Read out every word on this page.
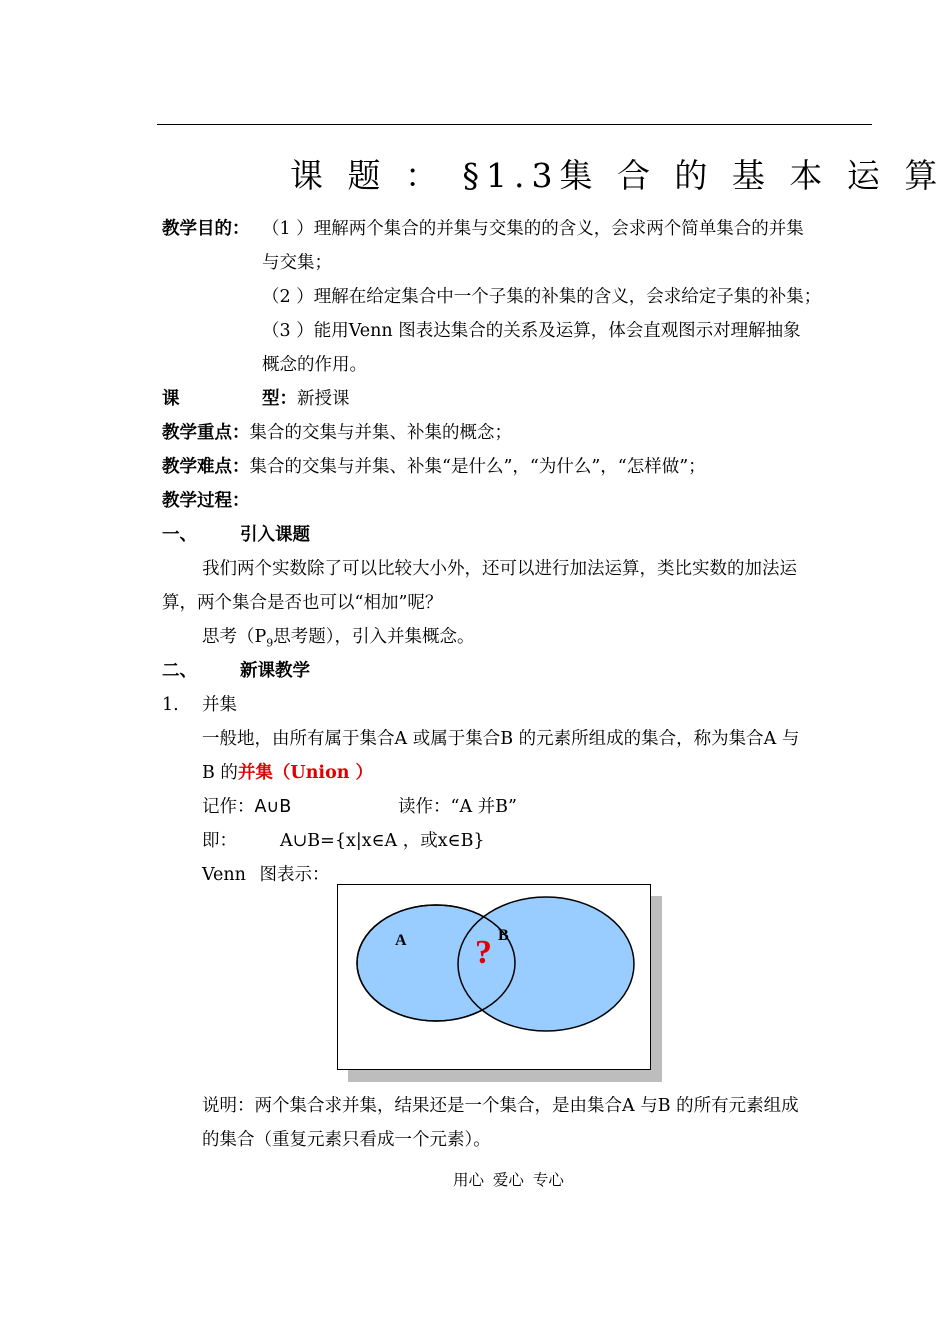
课 题 ： §1.3集 合 的 基 本 运 算
教学目的： （1 ）理解两个集合的并集与交集的的含义，会求两个简单集合的并集
与交集；
（2 ）理解在给定集合中一个子集的补集的含义，会求给定子集的补集；
（3 ）能用Venn 图表达集合的关系及运算，体会直观图示对理解抽象
概念的作用。
课	型：新授课
教学重点：集合的交集与并集、补集的概念；
教学难点：集合的交集与并集、补集“是什么”，“为什么”，“怎样做”；
教学过程：
一、 引入课题
我们两个实数除了可以比较大小外，还可以进行加法运算，类比实数的加法运
算，两个集合是否也可以“相加”呢？
思考（$P_9$思考题），引入并集概念。
二、 新课教学
1. 并集
一般地，由所有属于集合A 或属于集合B 的元素所组成的集合，称为集合A 与
B 的并集（Union ）
记作：A∪B	读作：“A 并B”
即： A∪B={x|x∈A ，或x∈B}
Venn 图表示：
A	B
?
说明：两个集合求并集，结果还是一个集合，是由集合A 与B 的所有元素组成
的集合（重复元素只看成一个元素）。
用心 爱心 专心
